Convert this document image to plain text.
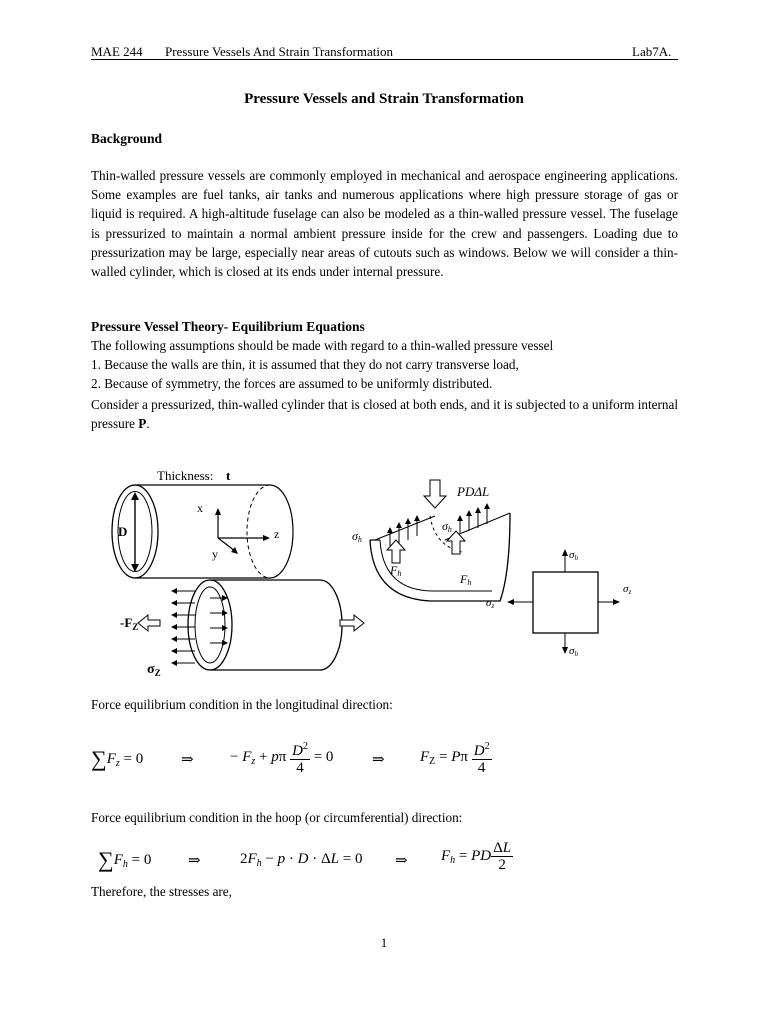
MAE 244 Pressure Vessels And Strain Transformation	Lab7A.
Pressure Vessels and Strain Transformation
Background
Thin-walled pressure vessels are commonly employed in mechanical and aerospace engineering applications. Some examples are fuel tanks, air tanks and numerous applications where high pressure storage of gas or liquid is required. A high-altitude fuselage can also be modeled as a thin-walled pressure vessel. The fuselage is pressurized to maintain a normal ambient pressure inside for the crew and passengers. Loading due to pressurization may be large, especially near areas of cutouts such as windows. Below we will consider a thin-walled cylinder, which is closed at its ends under internal pressure.
Pressure Vessel Theory- Equilibrium Equations
The following assumptions should be made with regard to a thin-walled pressure vessel
1. Because the walls are thin, it is assumed that they do not carry transverse load,
2. Because of symmetry, the forces are assumed to be uniformly distributed.
Consider a pressurized, thin-walled cylinder that is closed at both ends, and it is subjected to a uniform internal pressure P.
Thickness: t
D
x
y
z
$-F_Z$
$\sigma_Z$
PDΔL
σh
σh
Fh	Fh
σh
σh
σz
σz
Force equilibrium condition in the longitudinal direction:
$\sum F_z = 0$	⇒ − $F_z + p\pi \frac{D^2}{4} = 0$	⇒ $F_Z = P\pi \frac{D^2}{4}$
Force equilibrium condition in the hoop (or circumferential) direction:
$\sum F_h = 0$ ⇒	$2F_h - p \cdot D \cdot \Delta L = 0$ ⇒ $F_h$ = PD $\frac{\Delta L}{2}$
Therefore, the stresses are,
1
